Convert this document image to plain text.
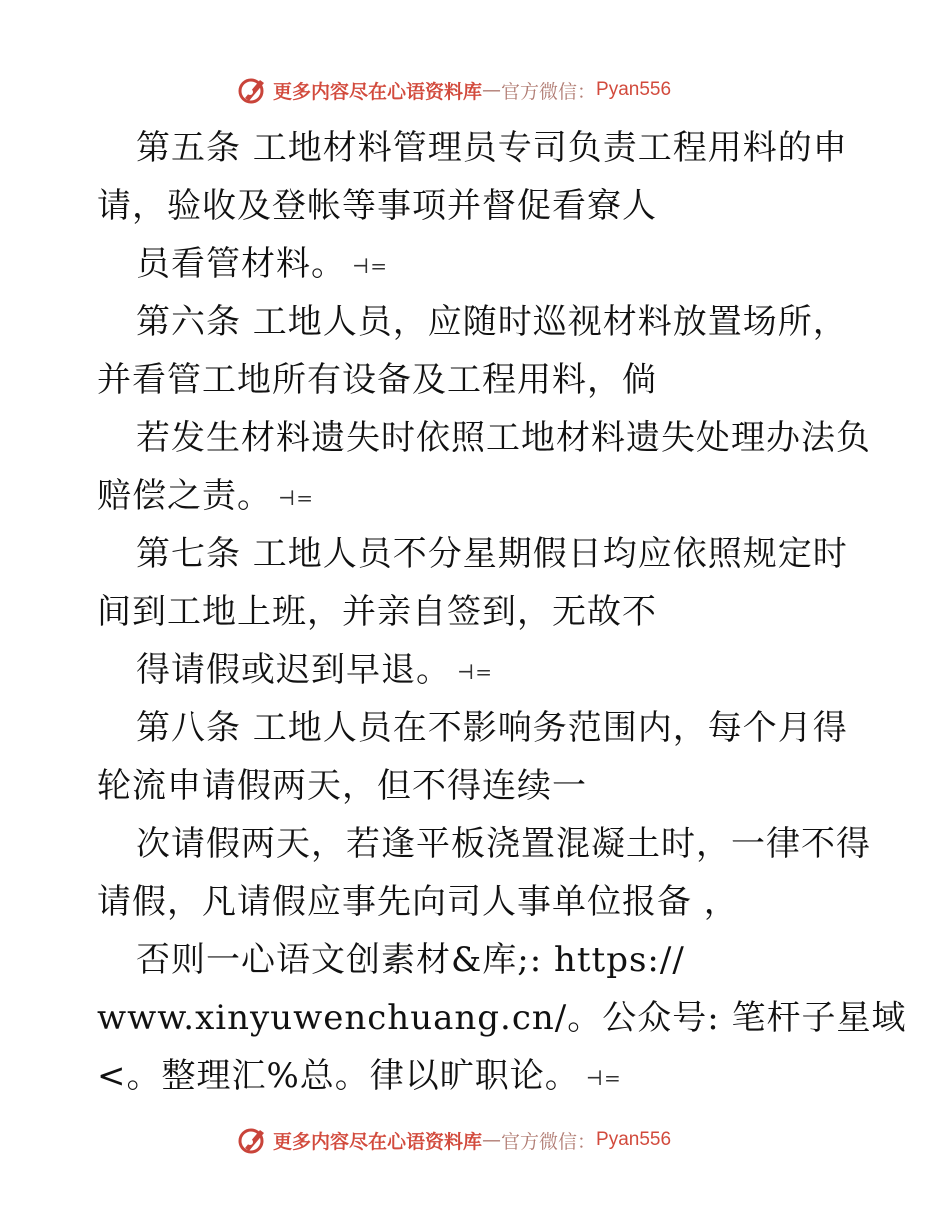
更多内容尽在心语资料库 — 官方微信： Pyan556
第五条 工地材料管理员专司负责工程用料的申
请，验收及登帐等事项并督促看寮人
员看管材料。 ⊣=
第六条 工地人员，应随时巡视材料放置场所，
并看管工地所有设备及工程用料，倘
若发生材料遗失时依照工地材料遗失处理办法负
赔偿之责。 ⊣=
第七条 工地人员不分星期假日均应依照规定时
间到工地上班，并亲自签到，无故不
得请假或迟到早退。 ⊣=
第八条 工地人员在不影响务范围内，每个月得
轮流申请假两天，但不得连续一
次请假两天，若逢平板浇置混凝土时，一律不得
请假，凡请假应事先向司人事单位报备 ，
否则一心语文创素材&库;: https://
www.xinyuwenchuang.cn/。公众号: 笔杆子星域
<。整理汇%总。律以旷职论。 ⊣=
更多内容尽在心语资料库 — 官方微信： Pyan556
